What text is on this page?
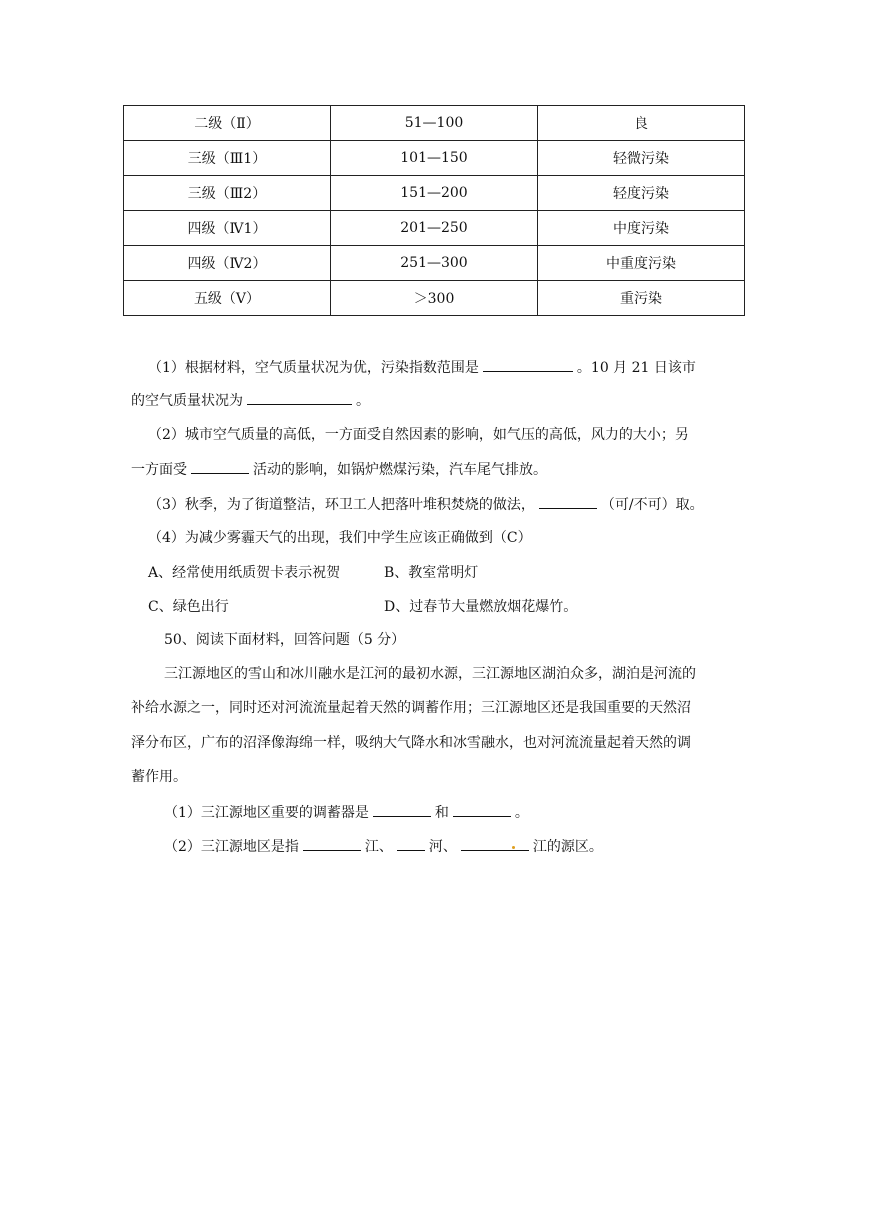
二级（Ⅱ）	51—100	良
三级（Ⅲ1）	101—150	轻微污染
三级（Ⅲ2）	151—200	轻度污染
四级（Ⅳ1）	201—250	中度污染
四级（Ⅳ2）	251—300	中重度污染
五级（Ⅴ）	＞300	重污染
（1）根据材料，空气质量状况为优，污染指数范围是	。10 月 21 日该市
的空气质量状况为	。
（2）城市空气质量的高低，一方面受自然因素的影响，如气压的高低，风力的大小；另
一方面受	活动的影响，如锅炉燃煤污染，汽车尾气排放。
（3）秋季，为了街道整洁，环卫工人把落叶堆积焚烧的做法，	（可/不可）取。
（4）为减少雾霾天气的出现，我们中学生应该正确做到（C）
A、经常使用纸质贺卡表示祝贺	B、教室常明灯
C、绿色出行	D、过春节大量燃放烟花爆竹。
50、阅读下面材料，回答问题（5 分）
三江源地区的雪山和冰川融水是江河的最初水源，三江源地区湖泊众多，湖泊是河流的
补给水源之一，同时还对河流流量起着天然的调蓄作用；三江源地区还是我国重要的天然沼
泽分布区，广布的沼泽像海绵一样，吸纳大气降水和冰雪融水，也对河流流量起着天然的调
蓄作用。
（1）三江源地区重要的调蓄器是	和	。
（2）三江源地区是指	江、	河、	江的源区。
